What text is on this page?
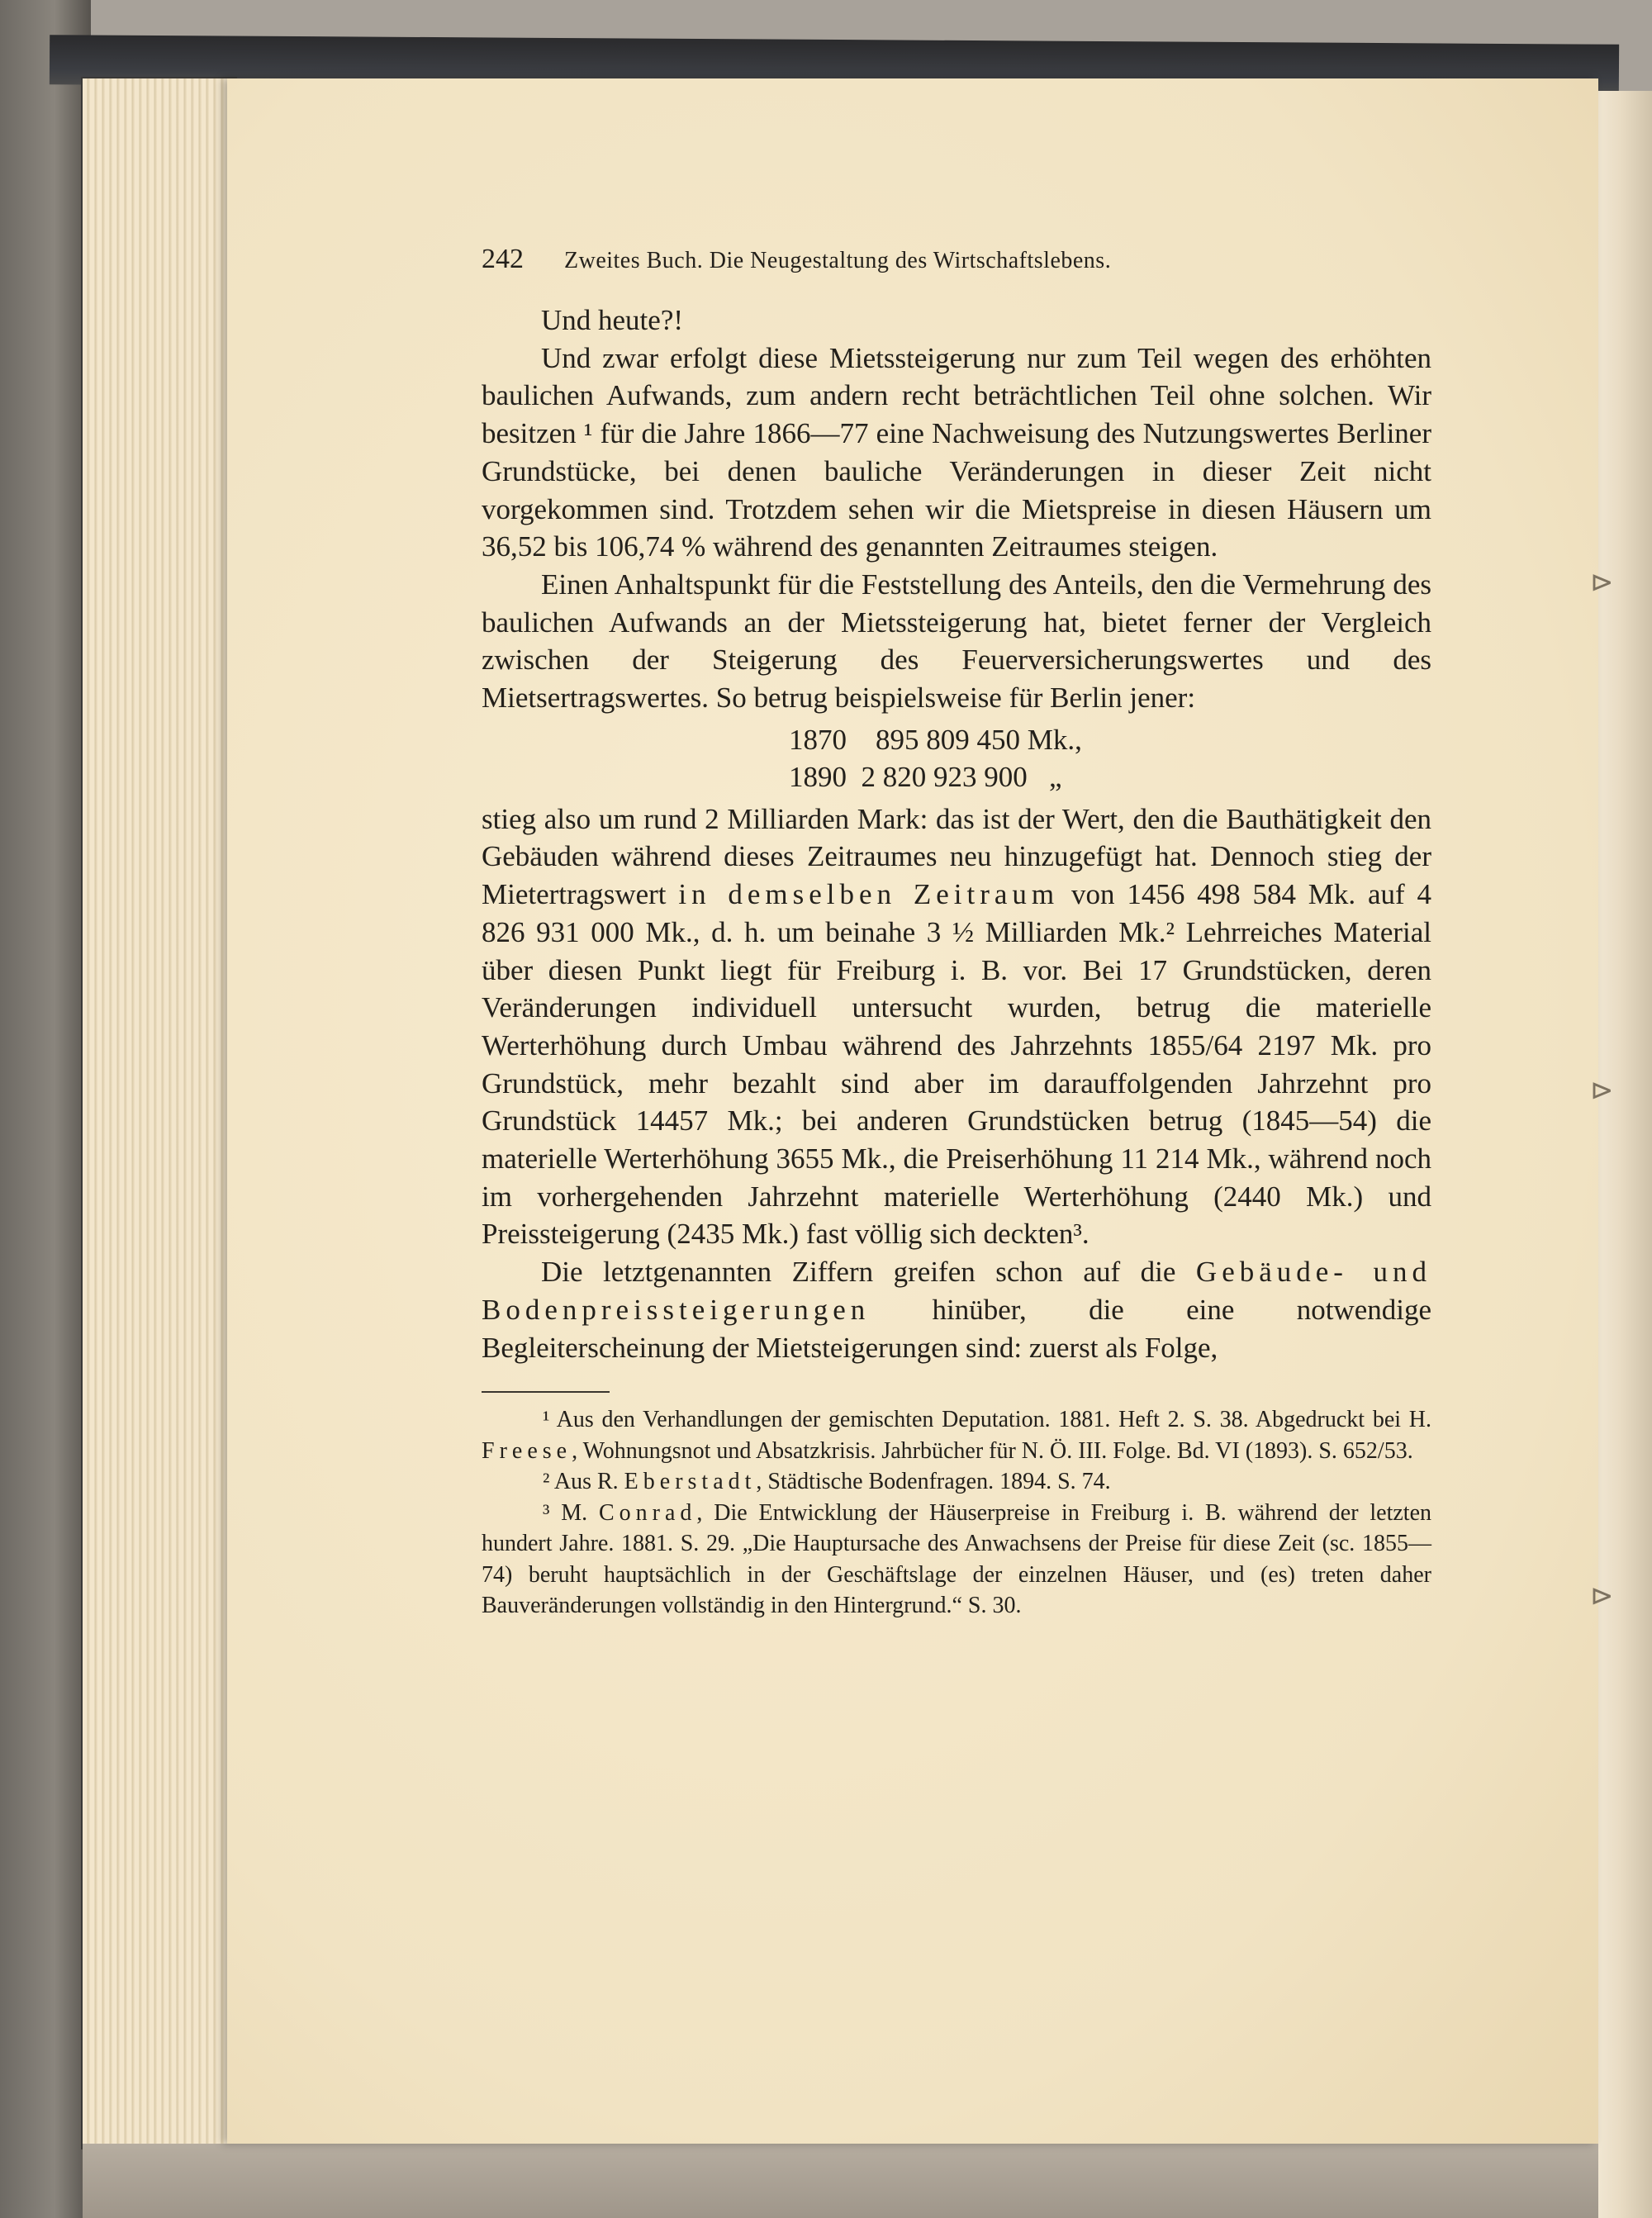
⊳
⊳
⊳
242	Zweites Buch. Die Neugestaltung des Wirtschaftslebens.

Und heute?!

Und zwar erfolgt diese Mietssteigerung nur zum Teil wegen des erhöhten baulichen Aufwands, zum andern recht beträchtlichen Teil ohne solchen. Wir besitzen ¹ für die Jahre 1866—77 eine Nachweisung des Nutzungswertes Berliner Grundstücke, bei denen bauliche Veränderungen in dieser Zeit nicht vorgekommen sind. Trotzdem sehen wir die Mietspreise in diesen Häusern um 36,52 bis 106,74 % während des genannten Zeitraumes steigen.

Einen Anhaltspunkt für die Feststellung des Anteils, den die Vermehrung des baulichen Aufwands an der Mietssteigerung hat, bietet ferner der Vergleich zwischen der Steigerung des Feuerversicherungswertes und des Mietsertragswertes. So betrug beispielsweise für Berlin jener:

1870    895 809 450 Mk.,
1890  2 820 923 900   „

stieg also um rund 2 Milliarden Mark: das ist der Wert, den die Bauthätigkeit den Gebäuden während dieses Zeitraumes neu hinzugefügt hat. Dennoch stieg der Mietertragswert in demselben Zeitraum von 1456 498 584 Mk. auf 4 826 931 000 Mk., d. h. um beinahe 3 ½ Milliarden Mk.² Lehrreiches Material über diesen Punkt liegt für Freiburg i. B. vor. Bei 17 Grundstücken, deren Veränderungen individuell untersucht wurden, betrug die materielle Werterhöhung durch Umbau während des Jahrzehnts 1855/64 2197 Mk. pro Grundstück, mehr bezahlt sind aber im darauffolgenden Jahrzehnt pro Grundstück 14457 Mk.; bei anderen Grundstücken betrug (1845—54) die materielle Werterhöhung 3655 Mk., die Preiserhöhung 11 214 Mk., während noch im vorhergehenden Jahrzehnt materielle Werterhöhung (2440 Mk.) und Preissteigerung (2435 Mk.) fast völlig sich deckten³.

Die letztgenannten Ziffern greifen schon auf die Gebäude- und Bodenpreissteigerungen hinüber, die eine notwendige Begleiterscheinung der Mietsteigerungen sind: zuerst als Folge,

¹ Aus den Verhandlungen der gemischten Deputation. 1881. Heft 2. S. 38. Abgedruckt bei H. Freese, Wohnungsnot und Absatzkrisis. Jahrbücher für N. Ö. III. Folge. Bd. VI (1893). S. 652/53.

² Aus R. Eberstadt, Städtische Bodenfragen. 1894. S. 74.

³ M. Conrad, Die Entwicklung der Häuserpreise in Freiburg i. B. während der letzten hundert Jahre. 1881. S. 29. „Die Hauptursache des Anwachsens der Preise für diese Zeit (sc. 1855—74) beruht hauptsächlich in der Geschäftslage der einzelnen Häuser, und (es) treten daher Bauveränderungen vollständig in den Hintergrund.“ S. 30.
